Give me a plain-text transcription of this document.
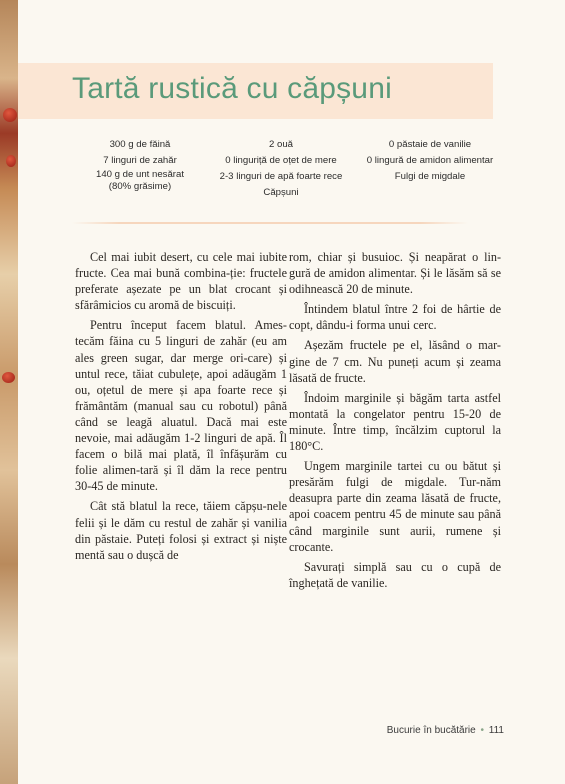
Tartă rustică cu căpșuni
300 g de făină
7 linguri de zahăr
140 g de unt nesărat
(80% grăsime)
2 ouă
0 linguriță de oțet de mere
2-3 linguri de apă foarte rece
Căpșuni
0 păstaie de vanilie
0 lingură de amidon alimentar
Fulgi de migdale

Cel mai iubit desert, cu cele mai iubite fructe. Cea mai bună combina-ție: fructele preferate așezate pe un blat crocant și sfărâmicios cu aromă de biscuiți.

Pentru început facem blatul. Ames-tecăm făina cu 5 linguri de zahăr (eu am ales green sugar, dar merge ori-care) și untul rece, tăiat cubulețe, apoi adăugăm 1 ou, oțetul de mere și apa foarte rece și frământăm (manual sau cu robotul) până când se leagă aluatul. Dacă mai este nevoie, mai adăugăm 1-2 linguri de apă. Îl facem o bilă mai plată, îl înfășurăm cu folie alimen-tară și îl dăm la rece pentru 30-45 de minute.

Cât stă blatul la rece, tăiem căpșu-nele felii și le dăm cu restul de zahăr și vanilia din păstaie. Puteți folosi și extract și niște mentă sau o dușcă de

rom, chiar și busuioc. Și neapărat o lin-gură de amidon alimentar. Și le lăsăm să se odihnească 20 de minute.

Întindem blatul între 2 foi de hârtie de copt, dându-i forma unui cerc.

Așezăm fructele pe el, lăsând o mar-gine de 7 cm. Nu puneți acum și zeama lăsată de fructe.

Îndoim marginile și băgăm tarta astfel montată la congelator pentru 15-20 de minute. Între timp, încălzim cuptorul la 180°C.

Ungem marginile tartei cu ou bătut și presărăm fulgi de migdale. Tur-năm deasupra parte din zeama lăsată de fructe, apoi coacem pentru 45 de minute sau până când marginile sunt aurii, rumene și crocante.

Savurați simplă sau cu o cupă de înghețată de vanilie.

Bucurie în bucătărie • 111
